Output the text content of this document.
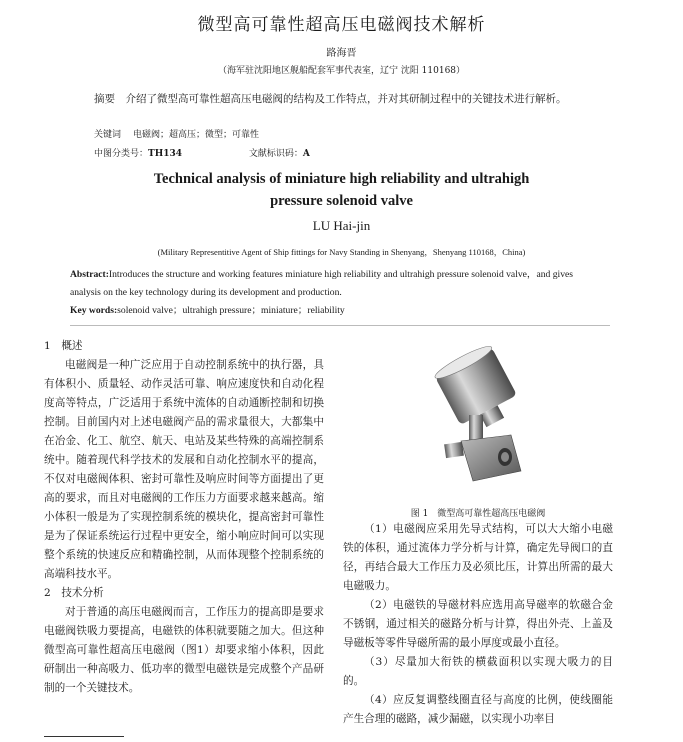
微型高可靠性超高压电磁阀技术解析
路海晋
（海军驻沈阳地区舰船配套军事代表室，辽宁 沈阳 110168）
摘要　 介绍了微型高可靠性超高压电磁阀的结构及工作特点，并对其研制过程中的关键技术进行解析。
关键词 电磁阀；超高压；微型；可靠性
中图分类号：TH134	文献标识码：A
Technical analysis of miniature high reliability and ultrahigh
pressure solenoid valve
LU Hai-jin
(Military Representitive Agent of Ship fittings for Navy Standing in Shenyang，Shenyang 110168，China)
Abstract:Introduces the structure and working features miniature high reliability and ultrahigh pressure solenoid valve，and gives analysis on the key technology during its development and production.
Key words:solenoid valve；ultrahigh pressure；miniature；reliability
1　概述
电磁阀是一种广泛应用于自动控制系统中的执行器，具有体积小、质量轻、动作灵活可靠、响应速度快和自动化程度高等特点，广泛适用于系统中流体的自动通断控制和切换控制。目前国内对上述电磁阀产品的需求量很大，大都集中在冶金、化工、航空、航天、电站及某些特殊的高端控制系统中。随着现代科学技术的发展和自动化控制水平的提高，不仅对电磁阀体积、密封可靠性及响应时间等方面提出了更高的要求，而且对电磁阀的工作压力方面要求越来越高。缩小体积一般是为了实现控制系统的模块化，提高密封可靠性是为了保证系统运行过程中更安全，缩小响应时间可以实现整个系统的快速反应和精确控制，从而体现整个控制系统的高端科技水平。
2　技术分析
对于普通的高压电磁阀而言，工作压力的提高即是要求电磁阀铁吸力要提高，电磁铁的体积就要随之加大。但这种微型高可靠性超高压电磁阀（图1）却要求缩小体积，因此研制出一种高吸力、低功率的微型电磁铁是完成整个产品研制的一个关键技术。
图 1　微型高可靠性超高压电磁阀
（1）电磁阀应采用先导式结构，可以大大缩小电磁铁的体积，通过流体力学分析与计算，确定先导阀口的直径，再结合最大工作压力及必须比压，计算出所需的最大电磁吸力。
（2）电磁铁的导磁材料应选用高导磁率的软磁合金不锈钢，通过相关的磁路分析与计算，得出外壳、上盖及导磁板等零件导磁所需的最小厚度或最小直径。
（3）尽量加大衔铁的横截面积以实现大吸力的目的。
（4）应反复调整线圈直径与高度的比例，使线圈能产生合理的磁路，减少漏磁，以实现小功率目
